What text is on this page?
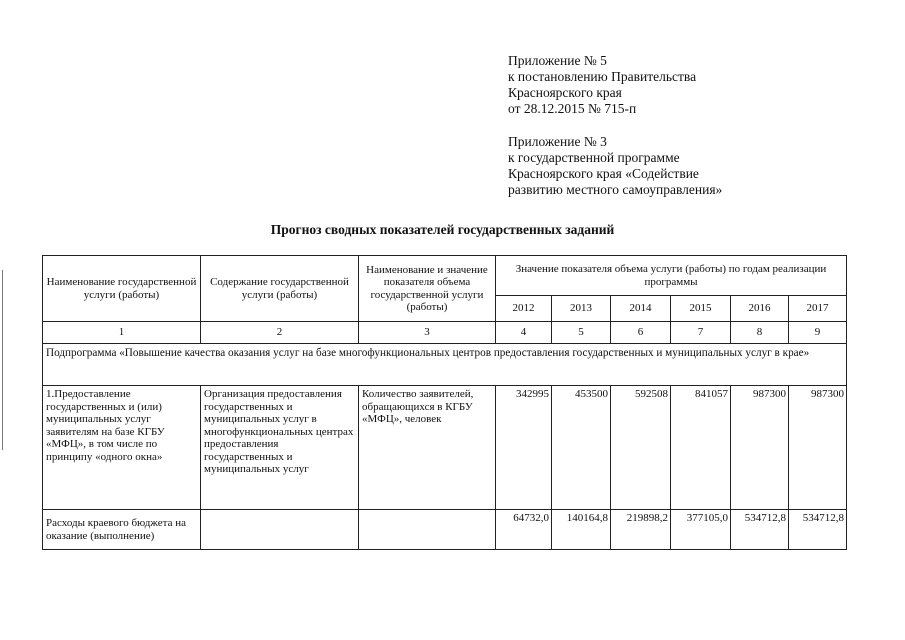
Приложение № 5
к постановлению Правительства
Красноярского края
от 28.12.2015 № 715-п
Приложение № 3
к государственной программе
Красноярского края «Содействие
развитию местного самоуправления»
Прогноз сводных показателей государственных заданий
Наименование государственной услуги (работы)	Содержание государственной услуги (работы)	Наименование и значение показателя объема государственной услуги (работы)	Значение показателя объема услуги (работы) по годам реализации программы					
			2012	2013	2014	2015	2016	2017
1	2	3	4	5	6	7	8	9
Подпрограмма «Повышение качества оказания услуг на базе многофункциональных центров предоставления государственных и муниципальных услуг в крае»								
1.Предоставление государственных и (или) муниципальных услуг заявителям на базе КГБУ «МФЦ», в том числе по принципу «одного окна»	Организация предоставления государственных и муниципальных услуг в многофункциональных центрах предоставления государственных и муниципальных услуг	Количество заявителей, обращающихся в КГБУ «МФЦ», человек	342995	453500	592508	841057	987300	987300
Расходы краевого бюджета на оказание (выполнение)			64732,0	140164,8	219898,2	377105,0	534712,8	534712,8
